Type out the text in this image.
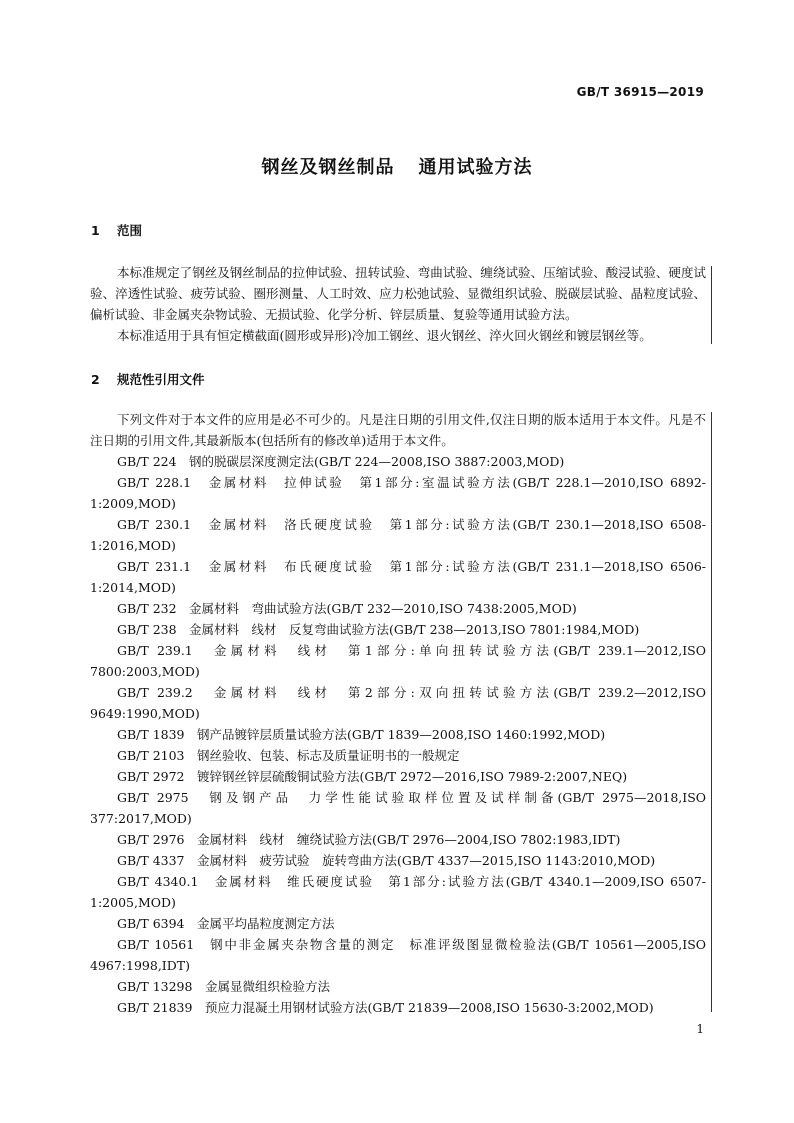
GB/T 36915—2019
钢丝及钢丝制品 通用试验方法
1 范围
本标准规定了钢丝及钢丝制品的拉伸试验、扭转试验、弯曲试验、缠绕试验、压缩试验、酸浸试验、硬度试验、淬透性试验、疲劳试验、圈形测量、人工时效、应力松弛试验、显微组织试验、脱碳层试验、晶粒度试验、偏析试验、非金属夹杂物试验、无损试验、化学分析、锌层质量、复验等通用试验方法。
本标准适用于具有恒定横截面(圆形或异形)冷加工钢丝、退火钢丝、淬火回火钢丝和镀层钢丝等。
2 规范性引用文件
下列文件对于本文件的应用是必不可少的。凡是注日期的引用文件,仅注日期的版本适用于本文件。凡是不注日期的引用文件,其最新版本(包括所有的修改单)适用于本文件。
GB/T 224　钢的脱碳层深度测定法(GB/T 224—2008,ISO 3887:2003,MOD)
GB/T 228.1　金属材料　拉伸试验　第1部分:室温试验方法(GB/T 228.1—2010,ISO 6892-1:2009,MOD)
GB/T 230.1　金属材料　洛氏硬度试验　第1部分:试验方法(GB/T 230.1—2018,ISO 6508-1:2016,MOD)
GB/T 231.1　金属材料　布氏硬度试验　第1部分:试验方法(GB/T 231.1—2018,ISO 6506-1:2014,MOD)
GB/T 232　金属材料　弯曲试验方法(GB/T 232—2010,ISO 7438:2005,MOD)
GB/T 238　金属材料　线材　反复弯曲试验方法(GB/T 238—2013,ISO 7801:1984,MOD)
GB/T 239.1　金属材料　线材　第1部分:单向扭转试验方法(GB/T 239.1—2012,ISO 7800:2003,MOD)
GB/T 239.2　金属材料　线材　第2部分:双向扭转试验方法(GB/T 239.2—2012,ISO 9649:1990,MOD)
GB/T 1839　钢产品镀锌层质量试验方法(GB/T 1839—2008,ISO 1460:1992,MOD)
GB/T 2103　钢丝验收、包装、标志及质量证明书的一般规定
GB/T 2972　镀锌钢丝锌层硫酸铜试验方法(GB/T 2972—2016,ISO 7989-2:2007,NEQ)
GB/T 2975　钢及钢产品　力学性能试验取样位置及试样制备(GB/T 2975—2018,ISO 377:2017,MOD)
GB/T 2976　金属材料　线材　缠绕试验方法(GB/T 2976—2004,ISO 7802:1983,IDT)
GB/T 4337　金属材料　疲劳试验　旋转弯曲方法(GB/T 4337—2015,ISO 1143:2010,MOD)
GB/T 4340.1　金属材料　维氏硬度试验　第1部分:试验方法(GB/T 4340.1—2009,ISO 6507-1:2005,MOD)
GB/T 6394　金属平均晶粒度测定方法
GB/T 10561　钢中非金属夹杂物含量的测定　标准评级图显微检验法(GB/T 10561—2005,ISO 4967:1998,IDT)
GB/T 13298　金属显微组织检验方法
GB/T 21839　预应力混凝土用钢材试验方法(GB/T 21839—2008,ISO 15630-3:2002,MOD)
1
